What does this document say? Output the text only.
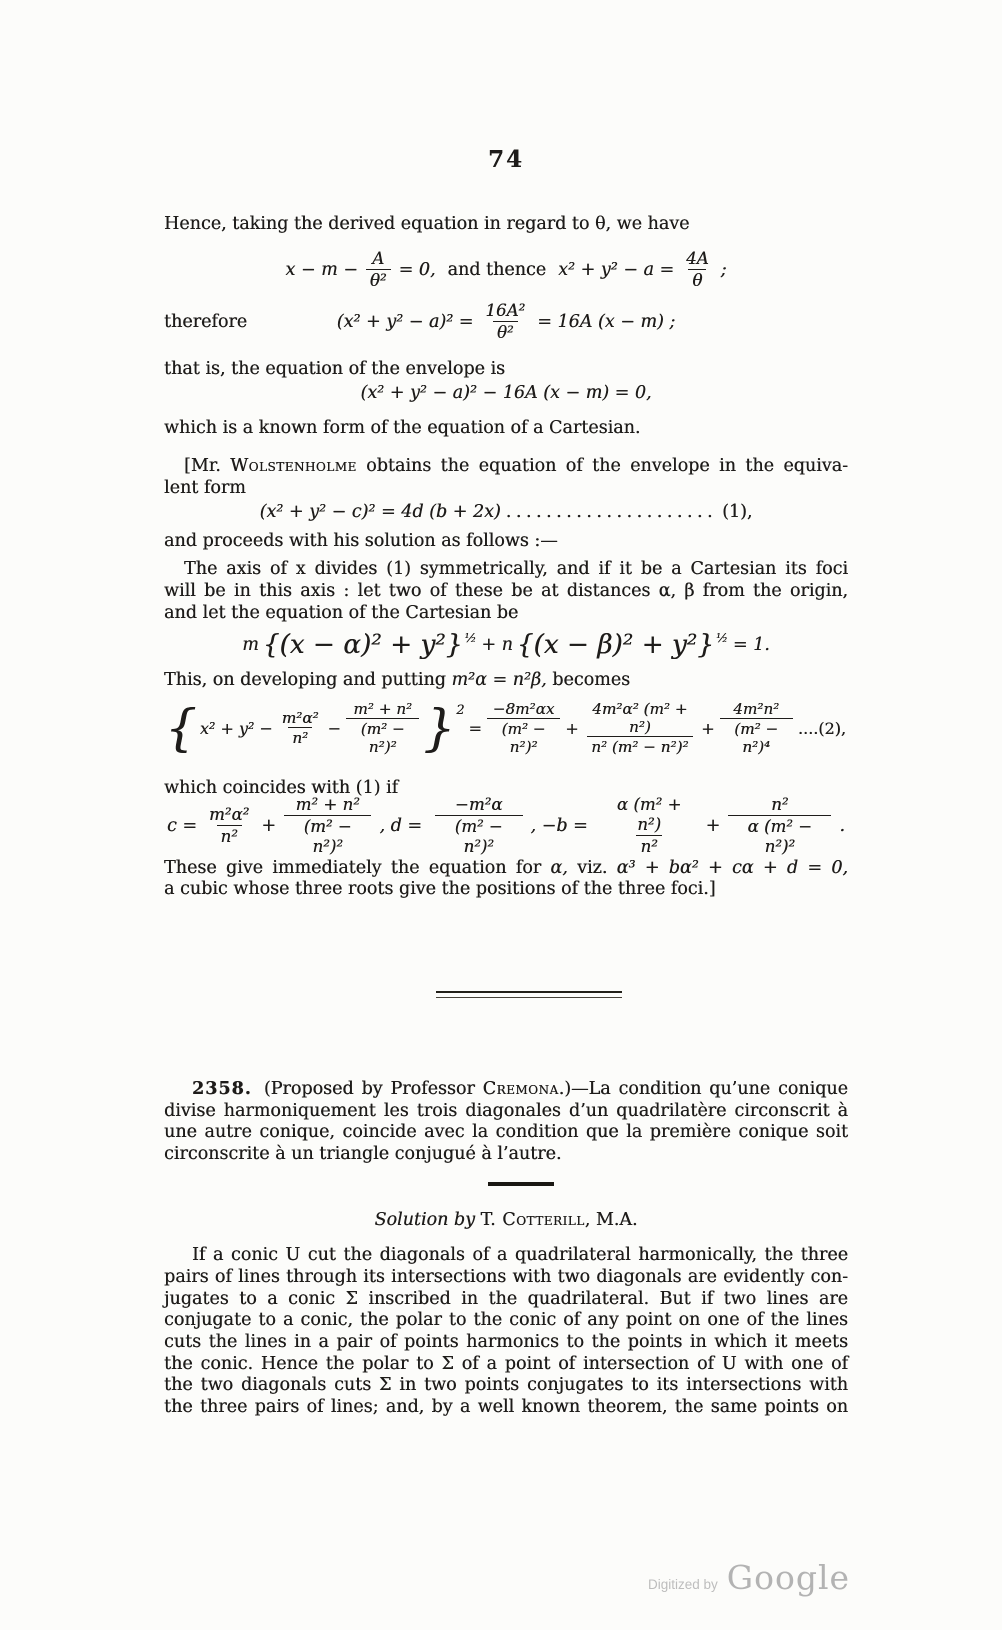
74

Hence, taking the derived equation in regard to θ, we have

$x - m - \frac{A}{\text{θ²}} = 0$, and thence $x^2 + y^2 - a = \frac{4A}{\theta}$ ;
therefore	$(x^2 + y^2 - a)^2 = \frac{\text{16A²}}{\text{θ²}} = 16A$ (x − m) ;

that is, the equation of the envelope is

(x² + y² − a)² − 16A (x − m) = 0,

which is a known form of the equation of a Cartesian.

[Mr. Wolstenholme obtains the equation of the envelope in the equiva-

lent form

(x² + y² − c)² = 4d (b + 2x) ..................... (1),

and proceeds with his solution as follows :—

The axis of x divides (1) symmetrically, and if it be a Cartesian its foci

will be in this axis : let two of these be at distances α, β from the origin,

and let the equation of the Cartesian be

m {(x − α)² + y²} ½ + n {(x − β)² + y²} ½ = 1.

This, on developing and putting m²α = n²β, becomes

{ $x^2 + y^2 - \frac{\text{m²α²}}{\text{n²}} - \frac{\text{m² + n²}}{\text{(m² − n²)²}}$ } 2
= $\frac{\text{−8m²αx}}{\text{(m² − n²)²}} + \frac{\text{4m²α² (m² + n²)}}{\text{n² (m² − n²)²}} + \frac{\text{4m²n²}}{\text{(m² − n²)⁴}} ....(2)$,

which coincides with (1) if

$c = \frac{\text{m²α²}}{\text{n²}} + \frac{\text{m² + n²}}{\text{(m² − n²)²}}$ , $d = \frac{\text{−m²α}}{\text{(m² − n²)²}}$ , $-b = \frac{\text{α (m² + n²)}}{\text{n²}} + \frac{\text{n²}}{\text{α (m² − n²)²}}$ .

These give immediately the equation for α, viz. α³ + bα² + cα + d = 0,

a cubic whose three roots give the positions of the three foci.]

2358. (Proposed by Professor Cremona.)—La condition qu’une conique

divise harmoniquement les trois diagonales d’un quadrilatère circonscrit à

une autre conique, coincide avec la condition que la première conique soit

circonscrite à un triangle conjugué à l’autre.

Solution by T. Cotterill, M.A.

If a conic U cut the diagonals of a quadrilateral harmonically, the three

pairs of lines through its intersections with two diagonals are evidently con-

jugates to a conic Σ inscribed in the quadrilateral. But if two lines are

conjugate to a conic, the polar to the conic of any point on one of the lines

cuts the lines in a pair of points harmonics to the points in which it meets

the conic. Hence the polar to Σ of a point of intersection of U with one of

the two diagonals cuts Σ in two points conjugates to its intersections with

the three pairs of lines; and, by a well known theorem, the same points on

Digitized by Google
